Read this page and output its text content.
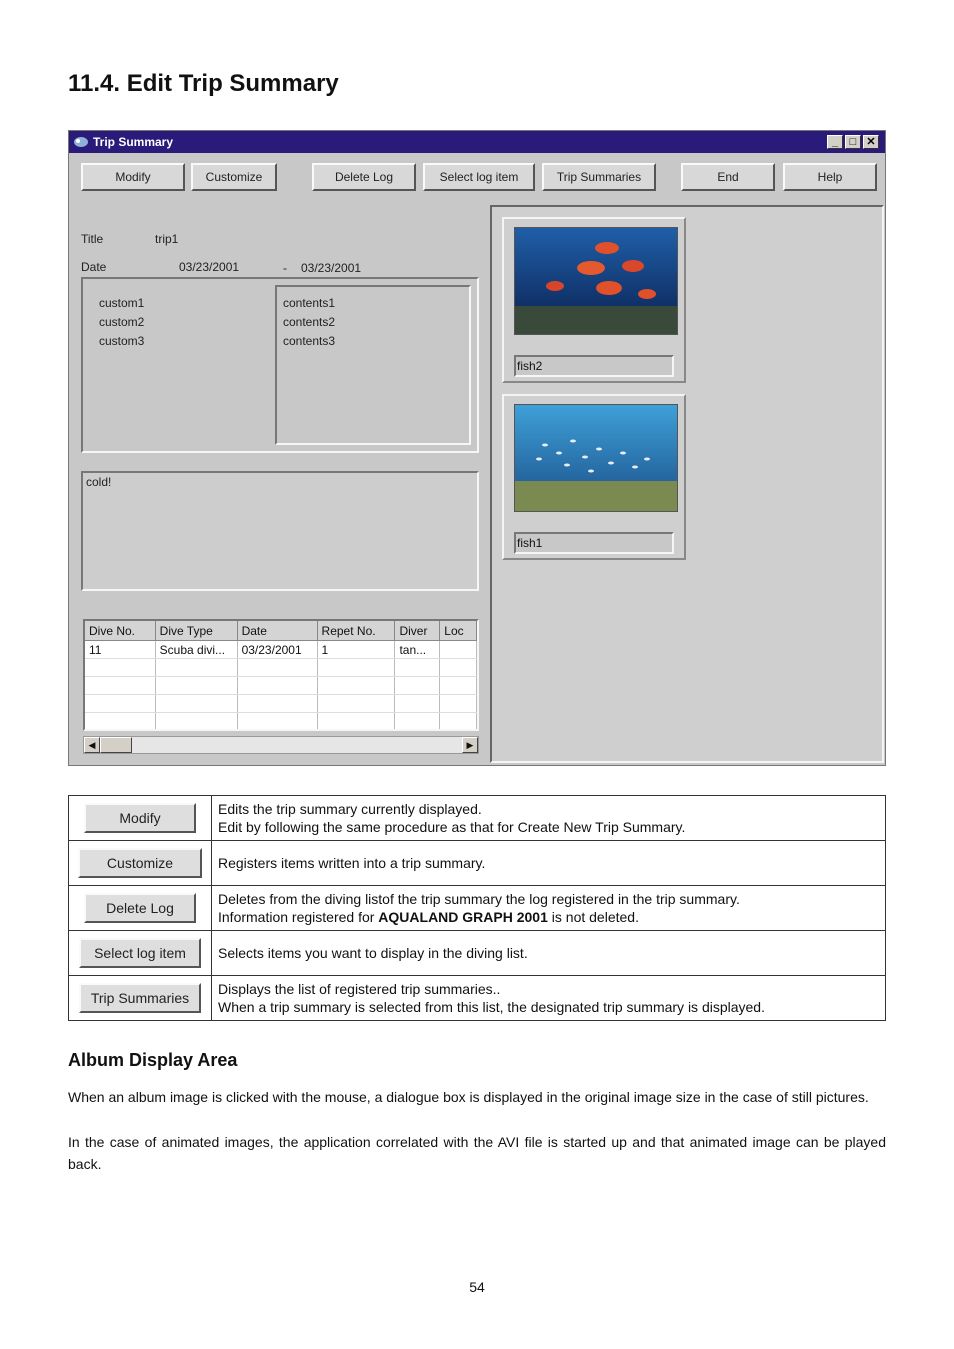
11.4. Edit Trip Summary
Trip Summary	_	□ ✕
Modify	Customize	Delete Log	Select log item	Trip Summaries	End	Help
Title	trip1
Date	03/23/2001	- 03/23/2001
custom1
custom2
custom3
contents1
contents2
contents3
cold!
Dive No.	Dive Type	Date	Repet No.	Diver	Loc
11	Scuba divi...	03/23/2001	1	tan...	

◀	▶
fish2
fish1
Modify	Edits the trip summary currently displayed.
Edit by following the same procedure as that for Create New Trip Summary.

Customize	Registers items written into a trip summary.

Delete Log	Deletes from the diving listof the trip summary the log registered in the trip summary.
Information registered for AQUALAND GRAPH 2001 is not deleted.

Select log item	Selects items you want to display in the diving list.

Trip Summaries	Displays the list of registered trip summaries..
When a trip summary is selected from this list, the designated trip summary is displayed.
Album Display Area

When an album image is clicked with the mouse, a dialogue box is displayed in the original image size in the case of still pictures.

In the case of animated images, the application correlated with the AVI file is started up and that animated image can be played back.

54
